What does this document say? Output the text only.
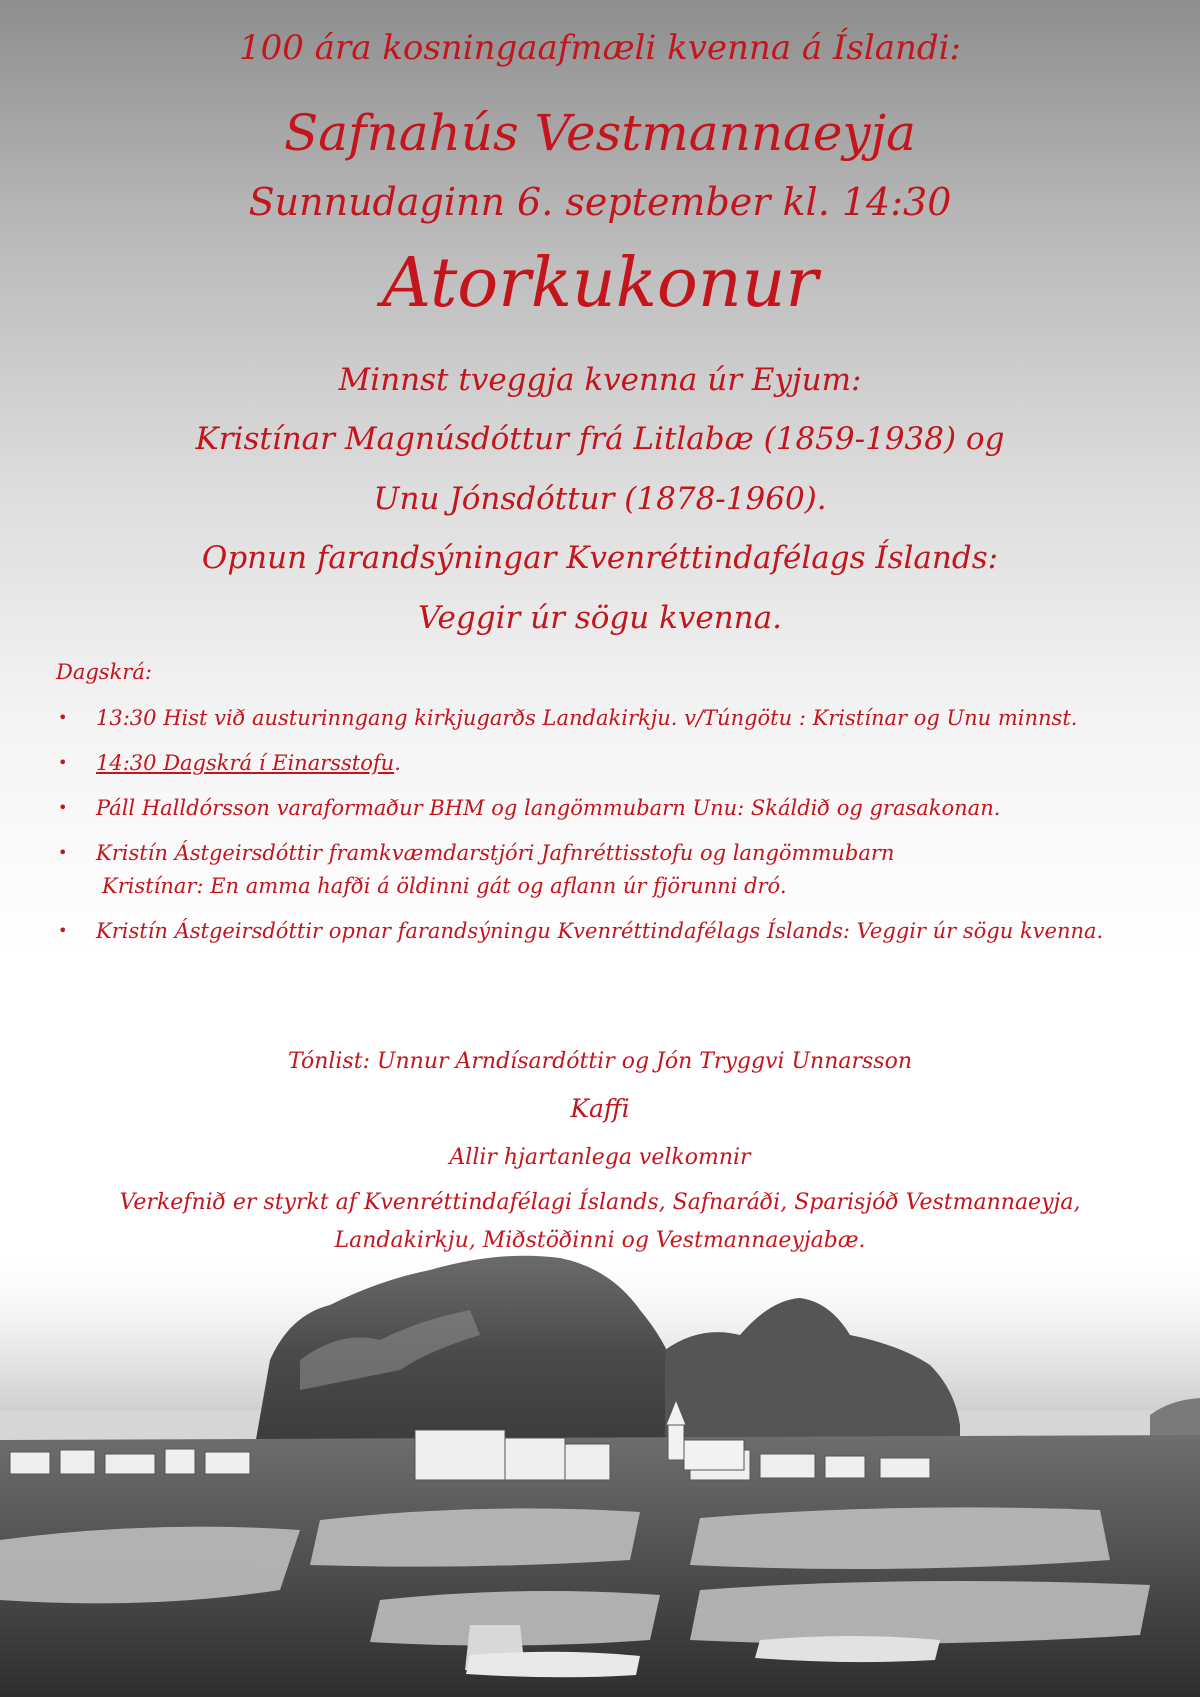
100 ára kosningaafmæli kvenna á Íslandi:
Safnahús Vestmannaeyja
Sunnudaginn 6. september kl. 14:30
Atorkukonur
Minnst tveggja kvenna úr Eyjum:
Kristínar Magnúsdóttur frá Litlabæ (1859-1938) og
Unu Jónsdóttur (1878-1960).
Opnun farandsýningar Kvenréttindafélags Íslands:
Veggir úr sögu kvenna.
Dagskrá:
• 13:30 Hist við austurinngang kirkjugarðs Landakirkju. v/Túngötu : Kristínar og Unu minnst.
• 14:30 Dagskrá í Einarsstofu.
• Páll Halldórsson varaformaður BHM og langömmubarn Unu: Skáldið og grasakonan.
• Kristín Ástgeirsdóttir framkvæmdarstjóri Jafnréttisstofu og langömmubarn
Kristínar: En amma hafði á öldinni gát og aflann úr fjörunni dró.
• Kristín Ástgeirsdóttir opnar farandsýningu Kvenréttindafélags Íslands: Veggir úr sögu kvenna.
Tónlist: Unnur Arndísardóttir og Jón Tryggvi Unnarsson
Kaffi
Allir hjartanlega velkomnir
Verkefnið er styrkt af Kvenréttindafélagi Íslands, Safnaráði, Sparisjóð Vestmannaeyja,
